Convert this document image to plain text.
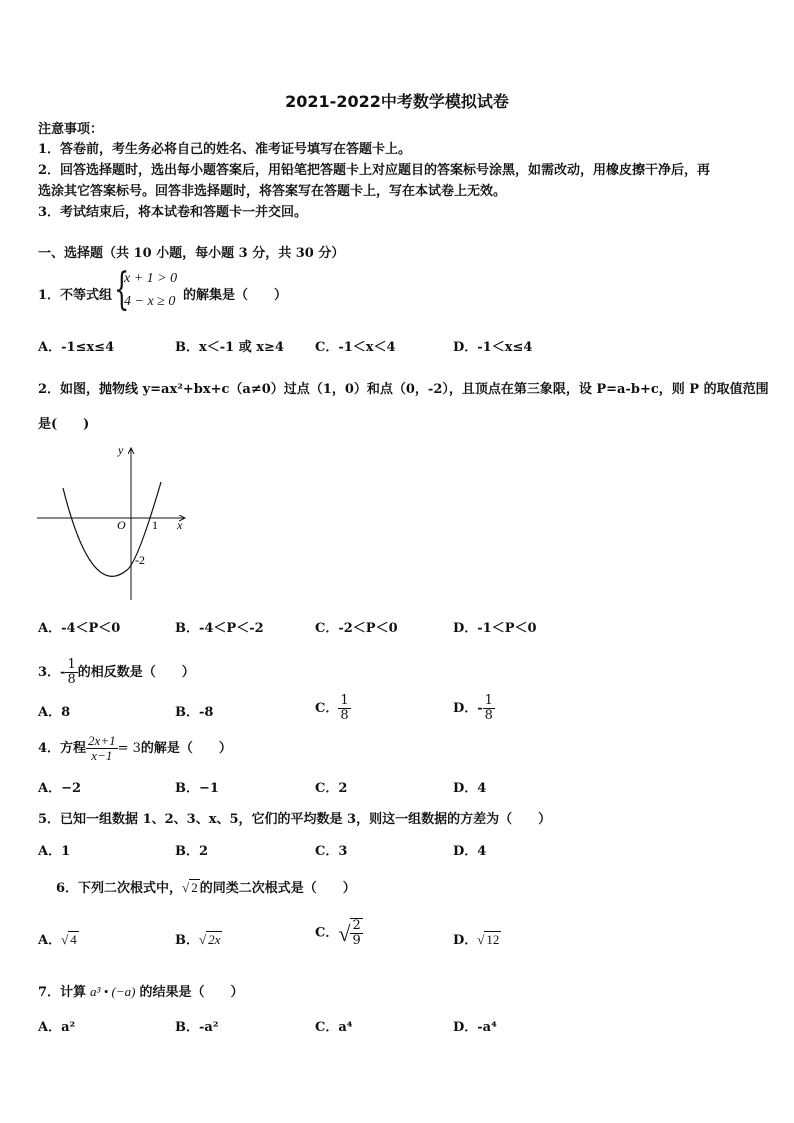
2021-2022中考数学模拟试卷
注意事项：
1．答卷前，考生务必将自己的姓名、准考证号填写在答题卡上。
2．回答选择题时，选出每小题答案后，用铅笔把答题卡上对应题目的答案标号涂黑，如需改动，用橡皮擦干净后，再
选涂其它答案标号。回答非选择题时，将答案写在答题卡上，写在本试卷上无效。
3．考试结束后，将本试卷和答题卡一并交回。
一、选择题（共 10 小题，每小题 3 分，共 30 分）
1．不等式组 {
x + 1 > 0
4 − x ≥ 0 的解集是（　　）
A．-1≤x≤4	B．x＜-1 或 x≥4 C．-1＜x＜4	D．-1＜x≤4
2．如图，抛物线 y=ax²+bx+c（a≠0）过点（1，0）和点（0，-2），且顶点在第三象限，设 P=a-b+c，则 P 的取值范围
是(　　)
y
x
O 1
-2
A．-4＜P＜0	B．-4＜P＜-2	C．-2＜P＜0	D．-1＜P＜0
3．- $\frac{1}{8}$ 的相反数是（　　）
A．8	B．-8	C． $\frac{1}{8}$	D．- $\frac{1}{8}$
4．方程 $\frac{2x+1}{x-1} = 3$的解是（　　）
A．−2	B．−1	C．2	D．4
5．已知一组数据 1、2、3、x、5，它们的平均数是 3，则这一组数据的方差为（　　）
A．1	B．2	C．3	D．4
6．下列二次根式中，√ 2 的同类二次根式是（　　）
A．√ 4	B．√ 2x	C．√ $\frac{2}{9}$	D．√ 12
7．计算 a³ • (−a) 的结果是（　　）
A．a²	B．-a²	C．a⁴	D．-a⁴
